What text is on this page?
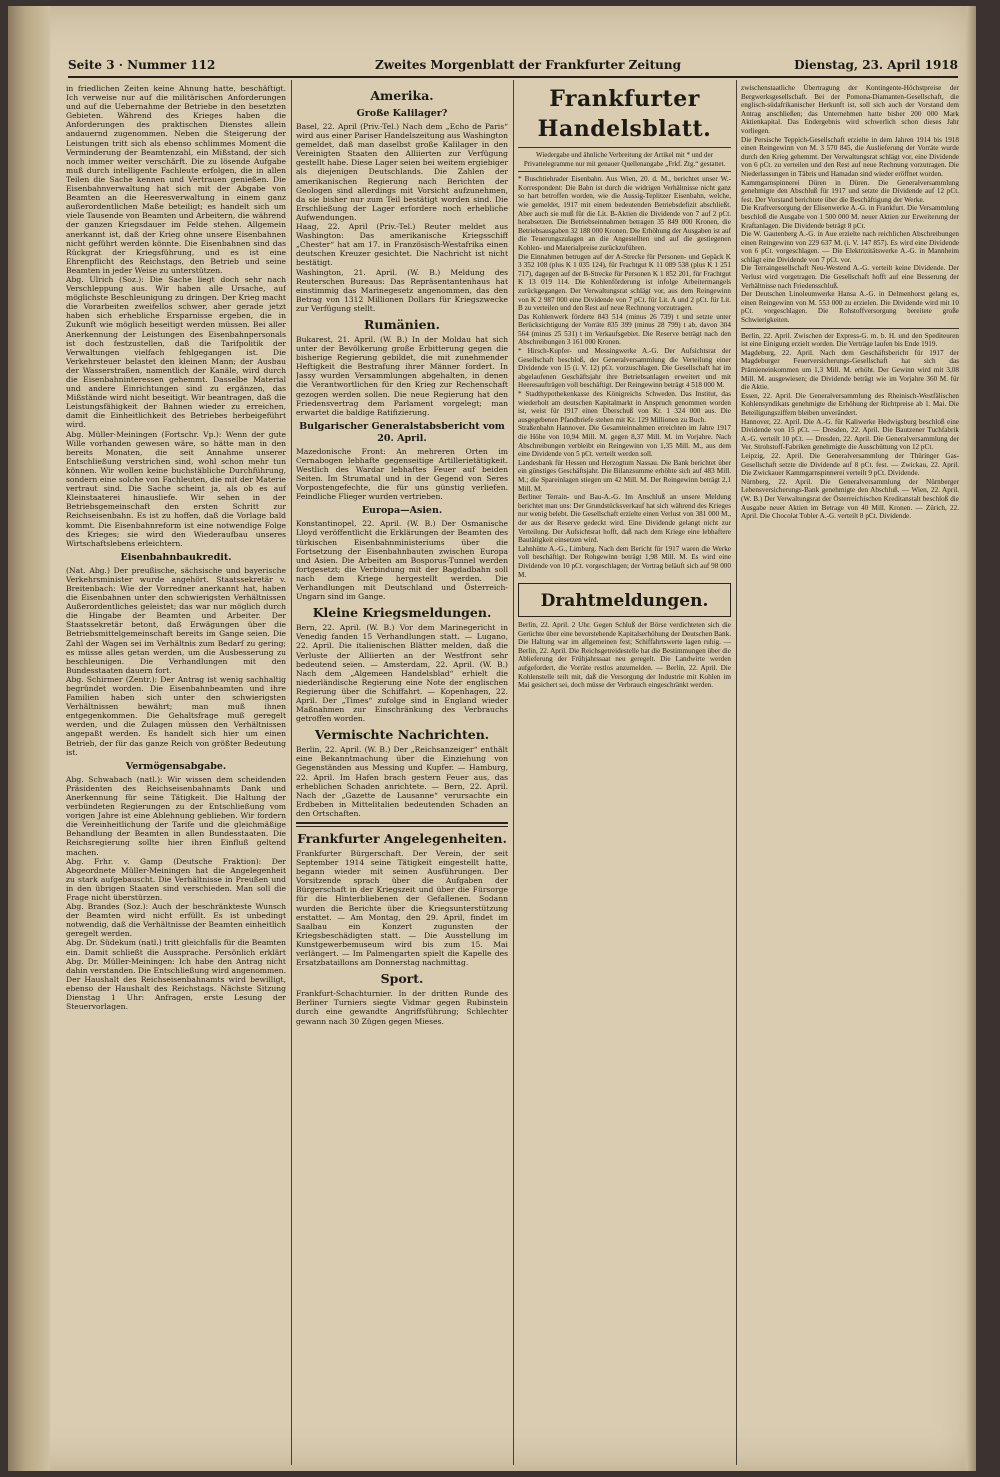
Seite 3 · Nummer 112	Zweites Morgenblatt der Frankfurter Zeitung	Dienstag, 23. April 1918

in friedlichen Zeiten keine Ahnung hatte, beschäftigt. Ich verweise nur auf die militärischen Anforderungen und auf die Uebernahme der Betriebe in den besetzten Gebieten. Während des Krieges haben die Anforderungen des praktischen Dienstes allein andauernd zugenommen. Neben die Steigerung der Leistungen tritt sich als ebenso schlimmes Moment die Verminderung der Beamtenzahl, ein Mißstand, der sich noch immer weiter verschärft. Die zu lösende Aufgabe muß durch intelligente Fachleute erfolgen, die in allen Teilen die Sache kennen und Vertrauen genießen. Die Eisenbahnverwaltung hat sich mit der Abgabe von Beamten an die Heeresverwaltung in einem ganz außerordentlichen Maße beteiligt; es handelt sich um viele Tausende von Beamten und Arbeitern, die während der ganzen Kriegsdauer im Felde stehen. Allgemein anerkannt ist, daß der Krieg ohne unsere Eisenbahnen nicht geführt werden könnte. Die Eisenbahnen sind das Rückgrat der Kriegsführung, und es ist eine Ehrenpflicht des Reichstags, den Betrieb und seine Beamten in jeder Weise zu unterstützen.

Abg. Ulrich (Soz.): Die Sache liegt doch sehr nach Verschleppung aus. Wir haben alle Ursache, auf möglichste Beschleunigung zu dringen. Der Krieg macht die Vorarbeiten zweifellos schwer, aber gerade jetzt haben sich erhebliche Ersparnisse ergeben, die in Zukunft wie möglich beseitigt werden müssen. Bei aller Anerkennung der Leistungen des Eisenbahnpersonals ist doch festzustellen, daß die Tarifpolitik der Verwaltungen vielfach fehlgegangen ist. Die Verkehrsteuer belastet den kleinen Mann; der Ausbau der Wasserstraßen, namentlich der Kanäle, wird durch die Eisenbahninteressen gehemmt. Dasselbe Material und andere Einrichtungen sind zu ergänzen, das Mißstände wird nicht beseitigt. Wir beantragen, daß die Leistungsfähigkeit der Bahnen wieder zu erreichen, damit die Einheitlichkeit des Betriebes herbeigeführt wird.

Abg. Müller-Meiningen (Fortschr. Vp.): Wenn der gute Wille vorhanden gewesen wäre, so hätte man in den bereits Monaten, die seit Annahme unserer Entschließung verstrichen sind, wohl schon mehr tun können. Wir wollen keine buchstäbliche Durchführung, sondern eine solche von Fachleuten, die mit der Materie vertraut sind. Die Sache scheint ja, als ob es auf Kleinstaaterei hinausliefe. Wir sehen in der Betriebsgemeinschaft den ersten Schritt zur Reichseisenbahn. Es ist zu hoffen, daß die Vorlage bald kommt. Die Eisenbahnreform ist eine notwendige Folge des Krieges; sie wird den Wiederaufbau unseres Wirtschaftslebens erleichtern.

Eisenbahnbaukredit.

(Nat. Abg.) Der preußische, sächsische und bayerische Verkehrsminister wurde angehört. Staatssekretär v. Breitenbach: Wie der Vorredner anerkannt hat, haben die Eisenbahnen unter den schwierigsten Verhältnissen Außerordentliches geleistet; das war nur möglich durch die Hingabe der Beamten und Arbeiter. Der Staatssekretär betont, daß Erwägungen über die Betriebsmittelgemeinschaft bereits im Gange seien. Die Zahl der Wagen sei im Verhältnis zum Bedarf zu gering; es müsse alles getan werden, um die Ausbesserung zu beschleunigen. Die Verhandlungen mit den Bundesstaaten dauern fort.

Abg. Schirmer (Zentr.): Der Antrag ist wenig sachhaltig begründet worden. Die Eisenbahnbeamten und ihre Familien haben sich unter den schwierigsten Verhältnissen bewährt; man muß ihnen entgegenkommen. Die Gehaltsfrage muß geregelt werden, und die Zulagen müssen den Verhältnissen angepaßt werden. Es handelt sich hier um einen Betrieb, der für das ganze Reich von größter Bedeutung ist.

Vermögensabgabe.

Abg. Schwabach (natl.): Wir wissen dem scheidenden Präsidenten des Reichseisenbahnamts Dank und Anerkennung für seine Tätigkeit. Die Haltung der verbündeten Regierungen zu der Entschließung vom vorigen Jahre ist eine Ablehnung geblieben. Wir fordern die Vereinheitlichung der Tarife und die gleichmäßige Behandlung der Beamten in allen Bundesstaaten. Die Reichsregierung sollte hier ihren Einfluß geltend machen.

Abg. Frhr. v. Gamp (Deutsche Fraktion): Der Abgeordnete Müller-Meiningen hat die Angelegenheit zu stark aufgebauscht. Die Verhältnisse in Preußen und in den übrigen Staaten sind verschieden. Man soll die Frage nicht überstürzen.

Abg. Brandes (Soz.): Auch der beschränkteste Wunsch der Beamten wird nicht erfüllt. Es ist unbedingt notwendig, daß die Verhältnisse der Beamten einheitlich geregelt werden.

Abg. Dr. Südekum (natl.) tritt gleichfalls für die Beamten ein. Damit schließt die Aussprache. Persönlich erklärt Abg. Dr. Müller-Meiningen: Ich habe den Antrag nicht dahin verstanden. Die Entschließung wird angenommen. Der Haushalt des Reichseisenbahnamts wird bewilligt, ebenso der Haushalt des Reichstags. Nächste Sitzung Dienstag 1 Uhr: Anfragen, erste Lesung der Steuervorlagen.

Amerika.
Große Kalilager?

Basel, 22. April (Priv.-Tel.) Nach dem „Echo de Paris“ wird aus einer Pariser Handelszeitung aus Washington gemeldet, daß man daselbst große Kalilager in den Vereinigten Staaten den Alliierten zur Verfügung gestellt habe. Diese Lager seien bei weitem ergiebiger als diejenigen Deutschlands. Die Zahlen der amerikanischen Regierung nach Berichten der Geologen sind allerdings mit Vorsicht aufzunehmen, da sie bisher nur zum Teil bestätigt worden sind. Die Erschließung der Lager erfordere noch erhebliche Aufwendungen.

Haag, 22. April (Priv.-Tel.) Reuter meldet aus Washington: Das amerikanische Kriegsschiff „Chester“ hat am 17. in Französisch-Westafrika einen deutschen Kreuzer gesichtet. Die Nachricht ist nicht bestätigt.

Washington, 21. April. (W. B.) Meldung des Reuterschen Bureaus: Das Repräsentantenhaus hat einstimmig das Marinegesetz angenommen, das den Betrag von 1312 Millionen Dollars für Kriegszwecke zur Verfügung stellt.

Rumänien.

Bukarest, 21. April. (W. B.) In der Moldau hat sich unter der Bevölkerung große Erbitterung gegen die bisherige Regierung gebildet, die mit zunehmender Heftigkeit die Bestrafung ihrer Männer fordert. In Jassy wurden Versammlungen abgehalten, in denen die Verantwortlichen für den Krieg zur Rechenschaft gezogen werden sollen. Die neue Regierung hat den Friedensvertrag dem Parlament vorgelegt; man erwartet die baldige Ratifizierung.

Bulgarischer Generalstabsbericht vom 20. April.

Mazedonische Front: An mehreren Orten im Cernabogen lebhafte gegenseitige Artillerietätigkeit. Westlich des Wardar lebhaftes Feuer auf beiden Seiten. Im Strumatal und in der Gegend von Seres Vorpostengefechte, die für uns günstig verliefen. Feindliche Flieger wurden vertrieben.

Europa—Asien.

Konstantinopel, 22. April. (W. B.) Der Osmanische Lloyd veröffentlicht die Erklärungen der Beamten des türkischen Eisenbahnministeriums über die Fortsetzung der Eisenbahnbauten zwischen Europa und Asien. Die Arbeiten am Bosporus-Tunnel werden fortgesetzt; die Verbindung mit der Bagdadbahn soll nach dem Kriege hergestellt werden. Die Verhandlungen mit Deutschland und Österreich-Ungarn sind im Gange.

Kleine Kriegsmeldungen.

Bern, 22. April. (W. B.) Vor dem Marinegericht in Venedig fanden 15 Verhandlungen statt. — Lugano, 22. April. Die italienischen Blätter melden, daß die Verluste der Alliierten an der Westfront sehr bedeutend seien. — Amsterdam, 22. April. (W. B.) Nach dem „Algemeen Handelsblad“ erhielt die niederländische Regierung eine Note der englischen Regierung über die Schiffahrt. — Kopenhagen, 22. April. Der „Times“ zufolge sind in England wieder Maßnahmen zur Einschränkung des Verbrauchs getroffen worden.

Vermischte Nachrichten.

Berlin, 22. April. (W. B.) Der „Reichsanzeiger“ enthält eine Bekanntmachung über die Einziehung von Gegenständen aus Messing und Kupfer. — Hamburg, 22. April. Im Hafen brach gestern Feuer aus, das erheblichen Schaden anrichtete. — Bern, 22. April. Nach der „Gazette de Lausanne“ verursachte ein Erdbeben in Mittelitalien bedeutenden Schaden an den Ortschaften.

Frankfurter Angelegenheiten.

Frankfurter Bürgerschaft. Der Verein, der seit September 1914 seine Tätigkeit eingestellt hatte, begann wieder mit seinen Ausführungen. Der Vorsitzende sprach über die Aufgaben der Bürgerschaft in der Kriegszeit und über die Fürsorge für die Hinterbliebenen der Gefallenen. Sodann wurden die Berichte über die Kriegsunterstützung erstattet. — Am Montag, den 29. April, findet im Saalbau ein Konzert zugunsten der Kriegsbeschädigten statt. — Die Ausstellung im Kunstgewerbemuseum wird bis zum 15. Mai verlängert. — Im Palmengarten spielt die Kapelle des Ersatzbataillons am Donnerstag nachmittag.

Sport.

Frankfurt-Schachturnier. In der dritten Runde des Berliner Turniers siegte Vidmar gegen Rubinstein durch eine gewandte Angriffsführung; Schlechter gewann nach 30 Zügen gegen Mieses.

Frankfurter Handelsblatt.

Wiedergabe und ähnliche Verbreitung der Artikel mit * und der Privattelegramme nur mit genauer Quellenangabe „Frkf. Ztg.“ gestattet.

* Buschtiehrader Eisenbahn. Aus Wien, 20. d. M., berichtet unser W.-Korrespondent: Die Bahn ist durch die widrigen Verhältnisse nicht ganz so hart betroffen worden, wie die Aussig-Teplitzer Eisenbahn, welche, wie gemeldet, 1917 mit einem bedeutenden Betriebsdefizit abschließt. Aber auch sie muß für die Lit. B-Aktien die Dividende von 7 auf 2 pCt. herabsetzen. Die Betriebseinnahmen betragen 35 849 000 Kronen, die Betriebsausgaben 32 188 000 Kronen. Die Erhöhung der Ausgaben ist auf die Teuerungszulagen an die Angestellten und auf die gestiegenen Kohlen- und Materialpreise zurückzuführen.

Die Einnahmen betrugen auf der A-Strecke für Personen- und Gepäck K 3 352 108 (plus K 1 035 124), für Frachtgut K 11 089 538 (plus K 1 251 717), dagegen auf der B-Strecke für Personen K 1 852 201, für Frachtgut K 13 019 114. Die Kohlenförderung ist infolge Arbeitermangels zurückgegangen. Der Verwaltungsrat schlägt vor, aus dem Reingewinn von K 2 987 000 eine Dividende von 7 pCt. für Lit. A und 2 pCt. für Lit. B zu verteilen und den Rest auf neue Rechnung vorzutragen.

Das Kohlenwerk förderte 843 514 (minus 26 739) t und setzte unter Berücksichtigung der Vorräte 835 399 (minus 28 799) t ab, davon 304 564 (minus 25 531) t im Verkaufsgebiet. Die Reserve beträgt nach den Abschreibungen 3 161 000 Kronen.

* Hirsch-Kupfer- und Messingwerke A.-G. Der Aufsichtsrat der Gesellschaft beschloß, der Generalversammlung die Verteilung einer Dividende von 15 (i. V. 12) pCt. vorzuschlagen. Die Gesellschaft hat im abgelaufenen Geschäftsjahr ihre Betriebsanlagen erweitert und mit Heeresaufträgen voll beschäftigt. Der Reingewinn beträgt 4 518 000 M.

* Stadthypothekenkasse des Königreichs Schweden. Das Institut, das wiederholt am deutschen Kapitalmarkt in Anspruch genommen worden ist, weist für 1917 einen Überschuß von Kr. 1 324 000 aus. Die ausgegebenen Pfandbriefe stehen mit Kr. 129 Millionen zu Buch.

Straßenbahn Hannover. Die Gesamteinnahmen erreichten im Jahre 1917 die Höhe von 10,94 Mill. M. gegen 8,37 Mill. M. im Vorjahre. Nach Abschreibungen verbleibt ein Reingewinn von 1,35 Mill. M., aus dem eine Dividende von 5 pCt. verteilt werden soll.

Landesbank für Hessen und Herzogtum Nassau. Die Bank berichtet über ein günstiges Geschäftsjahr. Die Bilanzsumme erhöhte sich auf 483 Mill. M.; die Spareinlagen stiegen um 42 Mill. M. Der Reingewinn beträgt 2,1 Mill. M.

Berliner Terrain- und Bau-A.-G. Im Anschluß an unsere Meldung berichtet man uns: Der Grundstücksverkauf hat sich während des Krieges nur wenig belebt. Die Gesellschaft erzielte einen Verlust von 381 000 M., der aus der Reserve gedeckt wird. Eine Dividende gelangt nicht zur Verteilung. Der Aufsichtsrat hofft, daß nach dem Kriege eine lebhaftere Bautätigkeit einsetzen wird.

Lahnhütte A.-G., Limburg. Nach dem Bericht für 1917 waren die Werke voll beschäftigt. Der Rohgewinn beträgt 1,98 Mill. M. Es wird eine Dividende von 10 pCt. vorgeschlagen; der Vortrag beläuft sich auf 98 000 M.

Drahtmeldungen.

Berlin, 22. April. 2 Uhr. Gegen Schluß der Börse verdichteten sich die Gerüchte über eine bevorstehende Kapitalserhöhung der Deutschen Bank. Die Haltung war im allgemeinen fest; Schiffahrtswerte lagen ruhig. — Berlin, 22. April. Die Reichsgetreidestelle hat die Bestimmungen über die Ablieferung der Frühjahrssaat neu geregelt. Die Landwirte werden aufgefordert, die Vorräte restlos anzumelden. — Berlin, 22. April. Die Kohlenstelle teilt mit, daß die Versorgung der Industrie mit Kohlen im Mai gesichert sei, doch müsse der Verbrauch eingeschränkt werden.

zwischenstaatliche Übertragung der Kontingente-Höchstpreise der Bergwerksgesellschaft. Bei der Pomona-Diamanten-Gesellschaft, die englisch-südafrikanischer Herkunft ist, soll sich auch der Vorstand dem Antrag anschließen; das Unternehmen hatte bisher 200 000 Mark Aktienkapital. Das Endergebnis wird schwerlich schon dieses Jahr vorliegen.

Die Persische Teppich-Gesellschaft erzielte in dem Jahren 1914 bis 1918 einen Reingewinn von M. 3 570 845, die Auslieferung der Vorräte wurde durch den Krieg gehemmt. Der Verwaltungsrat schlägt vor, eine Dividende von 6 pCt. zu verteilen und den Rest auf neue Rechnung vorzutragen. Die Niederlassungen in Täbris und Hamadan sind wieder eröffnet worden.

Kammgarnspinnerei Düren in Düren. Die Generalversammlung genehmigte den Abschluß für 1917 und setzte die Dividende auf 12 pCt. fest. Der Vorstand berichtete über die Beschäftigung der Werke.

Die Kraftversorgung der Elisenwerke A.-G. in Frankfurt. Die Versammlung beschloß die Ausgabe von 1 500 000 M. neuer Aktien zur Erweiterung der Kraftanlagen. Die Dividende beträgt 8 pCt.

Die W. Gautenberg A.-G. in Aue erzielte nach reichlichen Abschreibungen einen Reingewinn von 229 637 M. (i. V. 147 857). Es wird eine Dividende von 6 pCt. vorgeschlagen. — Die Elektrizitätswerke A.-G. in Mannheim schlägt eine Dividende von 7 pCt. vor.

Die Terraingesellschaft Neu-Westend A.-G. verteilt keine Dividende. Der Verlust wird vorgetragen. Die Gesellschaft hofft auf eine Besserung der Verhältnisse nach Friedensschluß.

Der Deutschen Linoleumwerke Hansa A.-G. in Delmenhorst gelang es, einen Reingewinn von M. 553 000 zu erzielen. Die Dividende wird mit 10 pCt. vorgeschlagen. Die Rohstoffversorgung bereitete große Schwierigkeiten.

Berlin, 22. April. Zwischen der Express-G. m. b. H. und den Spediteuren ist eine Einigung erzielt worden. Die Verträge laufen bis Ende 1919.

Magdeburg, 22. April. Nach dem Geschäftsbericht für 1917 der Magdeburger Feuerversicherungs-Gesellschaft hat sich das Prämieneinkommen um 1,3 Mill. M. erhöht. Der Gewinn wird mit 3,08 Mill. M. ausgewiesen; die Dividende beträgt wie im Vorjahre 360 M. für die Aktie.

Essen, 22. April. Die Generalversammlung des Rheinisch-Westfälischen Kohlensyndikats genehmigte die Erhöhung der Richtpreise ab 1. Mai. Die Beteiligungsziffern bleiben unverändert.

Hannover, 22. April. Die A.-G. für Kaliwerke Hedwigsburg beschloß eine Dividende von 15 pCt. — Dresden, 22. April. Die Bautzener Tuchfabrik A.-G. verteilt 10 pCt. — Dresden, 22. April. Die Generalversammlung der Ver. Strohstoff-Fabriken genehmigte die Ausschüttung von 12 pCt.

Leipzig, 22. April. Die Generalversammlung der Thüringer Gas-Gesellschaft setzte die Dividende auf 8 pCt. fest. — Zwickau, 22. April. Die Zwickauer Kammgarnspinnerei verteilt 9 pCt. Dividende.

Nürnberg, 22. April. Die Generalversammlung der Nürnberger Lebensversicherungs-Bank genehmigte den Abschluß. — Wien, 22. April. (W. B.) Der Verwaltungsrat der Österreichischen Kreditanstalt beschloß die Ausgabe neuer Aktien im Betrage von 40 Mill. Kronen. — Zürich, 22. April. Die Chocolat Tobler A.-G. verteilt 8 pCt. Dividende.
